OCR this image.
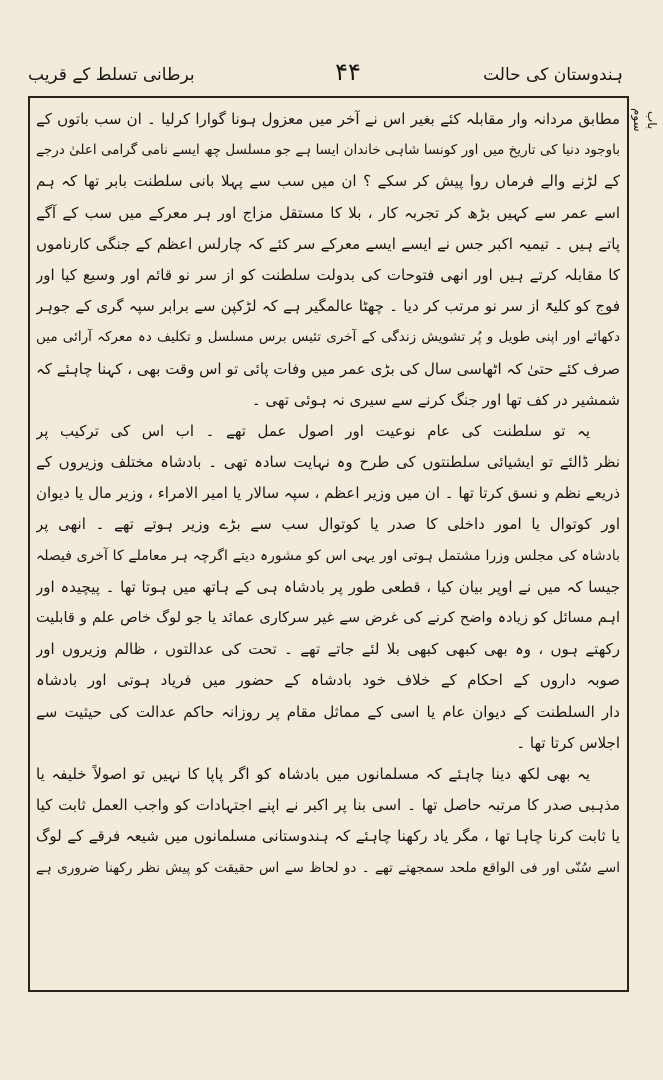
ہندوستان کی حالت
۴۴
برطانی تسلط کے قریب
باب سوم
مطابق مردانہ وار مقابلہ کئے بغیر اس نے آخر میں معزول ہونا گوارا کرلیا ۔ ان سب باتوں کے
باوجود دنیا کی تاریخ میں اور کونسا شاہی خاندان ایسا ہے جو مسلسل چھ ایسے نامی گرامی اعلیٰ درجے
کے لڑنے والے فرماں روا پیش کر سکے ؟ ان میں سب سے پہلا بانی سلطنت بابر تھا کہ ہم
اسے عمر سے کہیں بڑھ کر تجربہ کار ، بلا کا مستقل مزاج اور ہر معرکے میں سب کے آگے
پاتے ہیں ۔ تیمیہ اکبر جس نے ایسے ایسے معرکے سر کئے کہ چارلس اعظم کے جنگی کارناموں
کا مقابلہ کرتے ہیں اور انھی فتوحات کی بدولت سلطنت کو از سر نو قائم اور وسیع کیا اور
فوج کو کلیۃً از سر نو مرتب کر دیا ۔ چھٹا عالمگیر ہے کہ لڑکپن سے برابر سپہ گری کے جوہر
دکھائے اور اپنی طویل و پُر تشویش زندگی کے آخری تئیس برس مسلسل و تکلیف دہ معرکہ آرائی میں
صرف کئے حتیٰ کہ اٹھاسی سال کی بڑی عمر میں وفات پائی تو اس وقت بھی ، کہنا چاہئے کہ
شمشیر در کف تھا اور جنگ کرنے سے سیری نہ ہوئی تھی ۔
یہ تو سلطنت کی عام نوعیت اور اصول عمل تھے ۔ اب اس کی ترکیب پر
نظر ڈالئے تو ایشیائی سلطنتوں کی طرح وہ نہایت سادہ تھی ۔ بادشاہ مختلف وزیروں کے
ذریعے نظم و نسق کرتا تھا ۔ ان میں وزیر اعظم ، سپہ سالار یا امیر الامراء ، وزیر مال یا دیوان
اور کوتوال یا امور داخلی کا صدر یا کوتوال سب سے بڑے وزیر ہوتے تھے ۔ انھی پر
بادشاہ کی مجلس وزرا مشتمل ہوتی اور یہی اس کو مشورہ دیتے اگرچہ ہر معاملے کا آخری فیصلہ
جیسا کہ میں نے اوپر بیان کیا ، قطعی طور پر بادشاہ ہی کے ہاتھ میں ہوتا تھا ۔ پیچیدہ اور
اہم مسائل کو زیادہ واضح کرنے کی غرض سے غیر سرکاری عمائد یا جو لوگ خاص علم و قابلیت
رکھتے ہوں ، وہ بھی کبھی کبھی بلا لئے جاتے تھے ۔ تحت کی عدالتوں ، ظالم وزیروں اور
صوبہ داروں کے احکام کے خلاف خود بادشاہ کے حضور میں فریاد ہوتی اور بادشاہ
دار السلطنت کے دیوان عام یا اسی کے مماثل مقام پر روزانہ حاکم عدالت کی حیثیت سے
اجلاس کرتا تھا ۔
یہ بھی لکھ دینا چاہئے کہ مسلمانوں میں بادشاہ کو اگر پاپا کا نہیں تو اصولاً خلیفہ یا
مذہبی صدر کا مرتبہ حاصل تھا ۔ اسی بنا پر اکبر نے اپنے اجتہادات کو واجب العمل ثابت کیا
یا ثابت کرنا چاہا تھا ، مگر یاد رکھنا چاہئے کہ ہندوستانی مسلمانوں میں شیعہ فرقے کے لوگ
اسے سُنّی اور فی الواقع ملحد سمجھتے تھے ۔ دو لحاظ سے اس حقیقت کو پیش نظر رکھنا ضروری ہے
